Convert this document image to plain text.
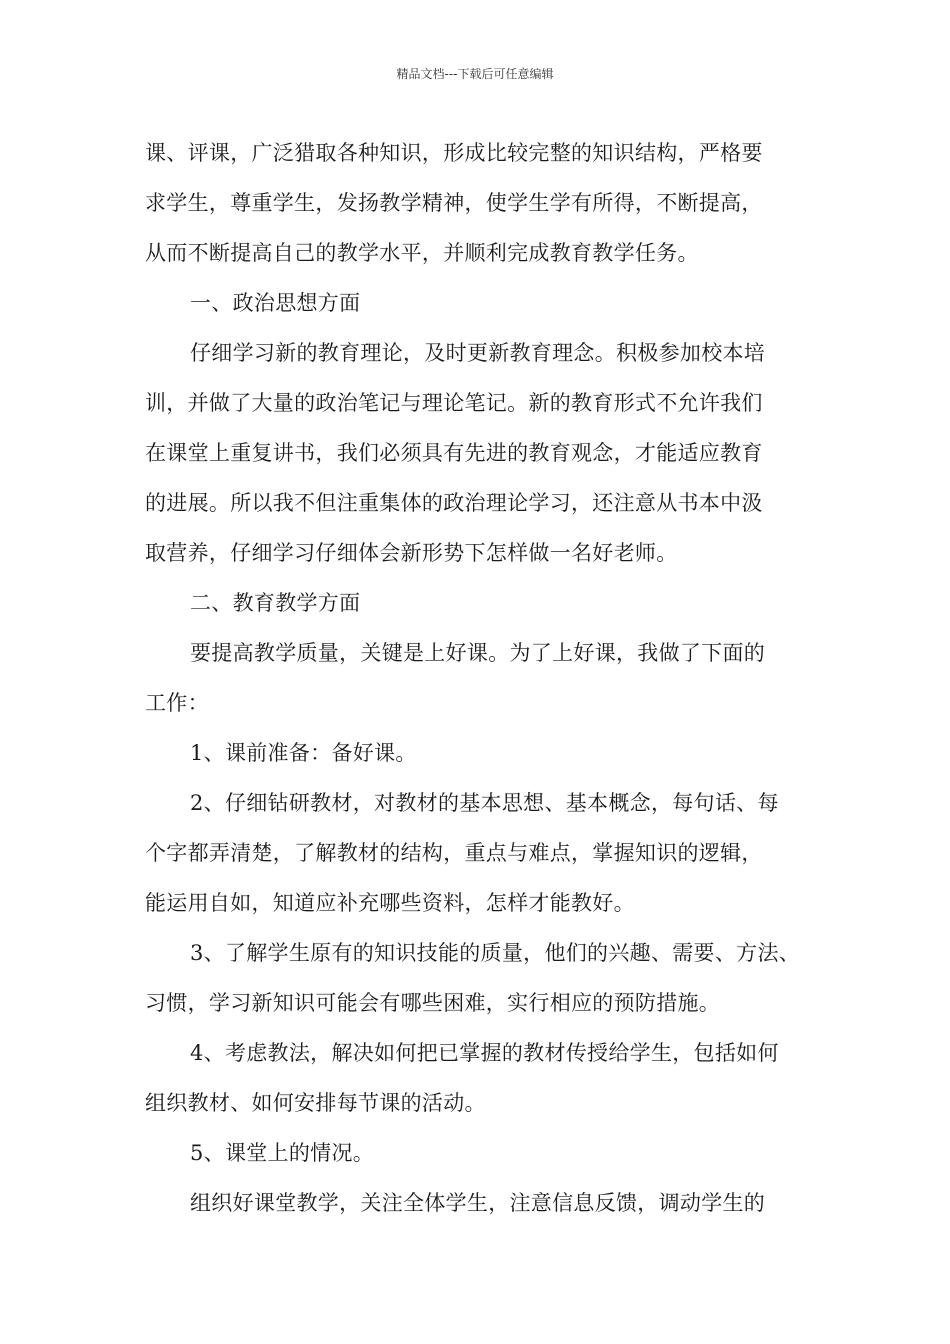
精品文档---下载后可任意编辑
课、评课，广泛猎取各种知识，形成比较完整的知识结构，严格要
求学生，尊重学生，发扬教学精神，使学生学有所得，不断提高，
从而不断提高自己的教学水平，并顺利完成教育教学任务。
一、政治思想方面
仔细学习新的教育理论，及时更新教育理念。积极参加校本培
训，并做了大量的政治笔记与理论笔记。新的教育形式不允许我们
在课堂上重复讲书，我们必须具有先进的教育观念，才能适应教育
的进展。所以我不但注重集体的政治理论学习，还注意从书本中汲
取营养，仔细学习仔细体会新形势下怎样做一名好老师。
二、教育教学方面
要提高教学质量，关键是上好课。为了上好课，我做了下面的
工作：
1、课前准备：备好课。
2、仔细钻研教材，对教材的基本思想、基本概念，每句话、每
个字都弄清楚，了解教材的结构，重点与难点，掌握知识的逻辑，
能运用自如，知道应补充哪些资料，怎样才能教好。
3、了解学生原有的知识技能的质量，他们的兴趣、需要、方法、
习惯，学习新知识可能会有哪些困难，实行相应的预防措施。
4、考虑教法，解决如何把已掌握的教材传授给学生，包括如何
组织教材、如何安排每节课的活动。
5、课堂上的情况。
组织好课堂教学，关注全体学生，注意信息反馈，调动学生的
